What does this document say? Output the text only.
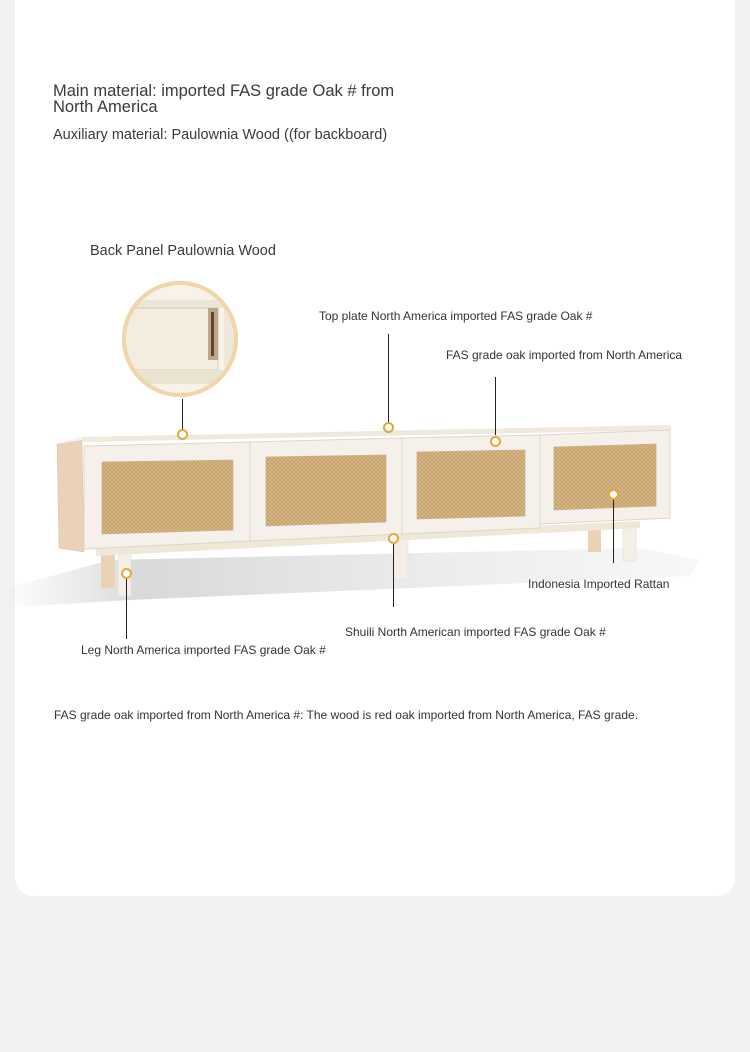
Main material: imported FAS grade Oak # from North America
Auxiliary material: Paulownia Wood ((for backboard)
Back Panel Paulownia Wood
Top plate North America imported FAS grade Oak #
FAS grade oak imported from North America
Indonesia Imported Rattan
Shuili North American imported FAS grade Oak #
Leg North America imported FAS grade Oak #
FAS grade oak imported from North America #: The wood is red oak imported from North America, FAS grade.
